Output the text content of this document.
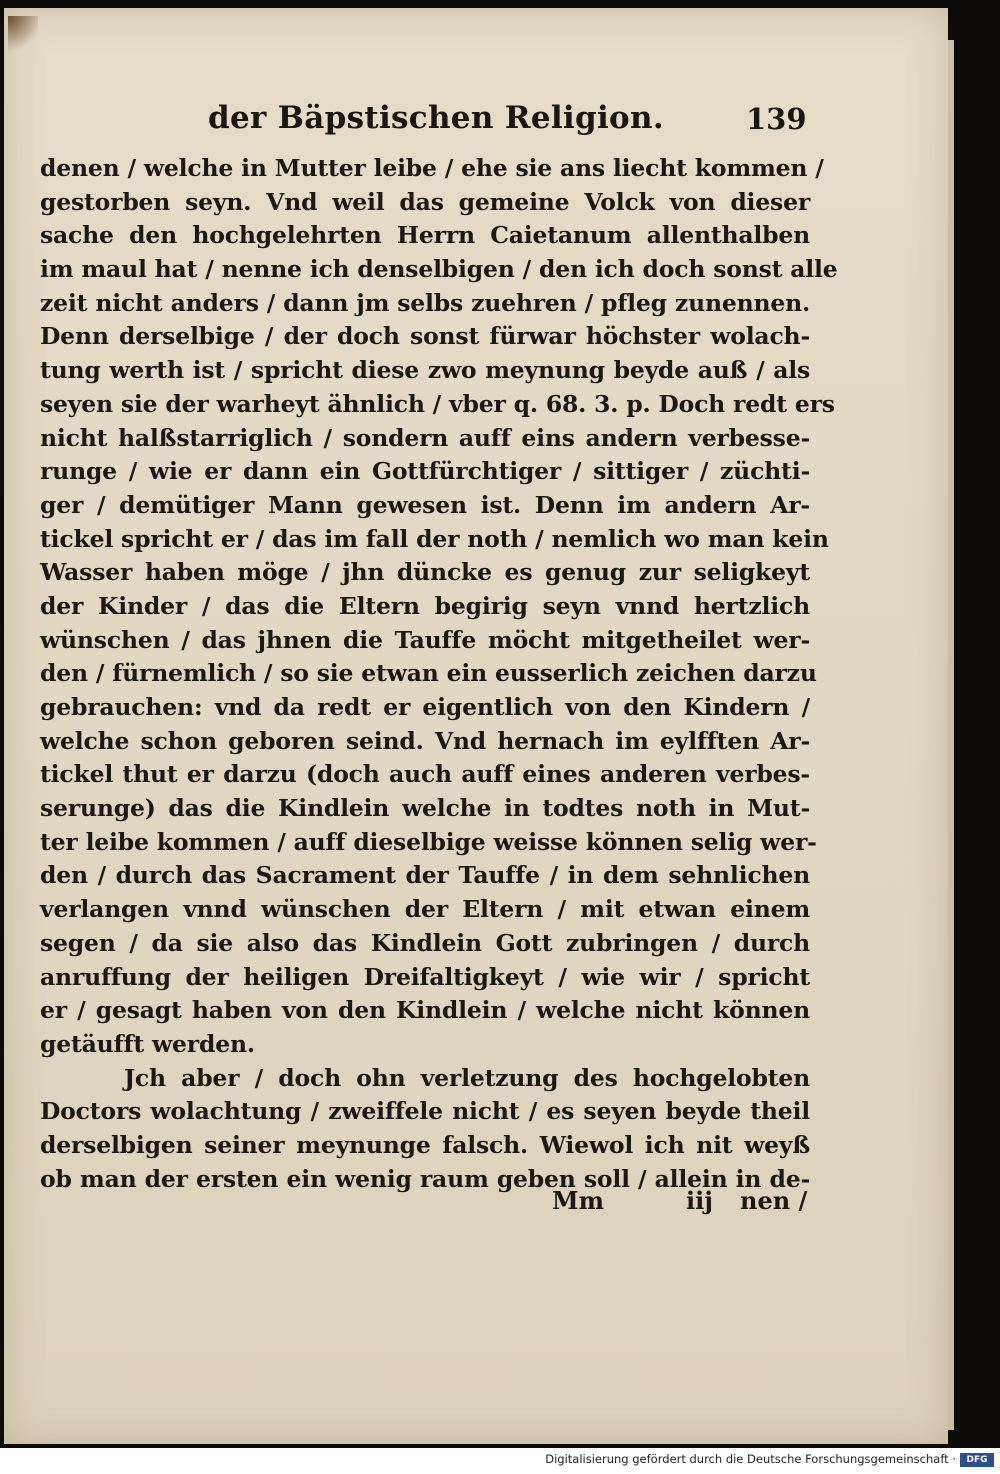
der Bäpstischen Religion.	139
denen / welche in Mutter leibe / ehe sie ans liecht kommen /
gestorben seyn. Vnd weil das gemeine Volck von dieser
sache den hochgelehrten Herrn Caietanum allenthalben
im maul hat / nenne ich denselbigen / den ich doch sonst alle
zeit nicht anders / dann jm selbs zuehren / pfleg zunennen.
Denn derselbige / der doch sonst fürwar höchster wolach-
tung werth ist / spricht diese zwo meynung beyde auß / als
seyen sie der warheyt ähnlich / vber q. 68. 3. p. Doch redt ers
nicht halßstarriglich / sondern auff eins andern verbesse-
runge / wie er dann ein Gottfürchtiger / sittiger / züchti-
ger / demütiger Mann gewesen ist. Denn im andern Ar-
tickel spricht er / das im fall der noth / nemlich wo man kein
Wasser haben möge / jhn düncke es genug zur seligkeyt
der Kinder / das die Eltern begirig seyn vnnd hertzlich
wünschen / das jhnen die Tauffe möcht mitgetheilet wer-
den / fürnemlich / so sie etwan ein eusserlich zeichen darzu
gebrauchen: vnd da redt er eigentlich von den Kindern /
welche schon geboren seind. Vnd hernach im eylfften Ar-
tickel thut er darzu (doch auch auff eines anderen verbes-
serunge) das die Kindlein welche in todtes noth in Mut-
ter leibe kommen / auff dieselbige weisse können selig wer-
den / durch das Sacrament der Tauffe / in dem sehnlichen
verlangen vnnd wünschen der Eltern / mit etwan einem
segen / da sie also das Kindlein Gott zubringen / durch
anruffung der heiligen Dreifaltigkeyt / wie wir / spricht
er / gesagt haben von den Kindlein / welche nicht können
getäufft werden.
Jch aber / doch ohn verletzung des hochgelobten
Doctors wolachtung / zweiffele nicht / es seyen beyde theil
derselbigen seiner meynunge falsch. Wiewol ich nit weyß
ob man der ersten ein wenig raum geben soll / allein in de-
Mm	iij nen /
Digitalisierung gefördert durch die Deutsche Forschungsgemeinschaft ·	DFG
